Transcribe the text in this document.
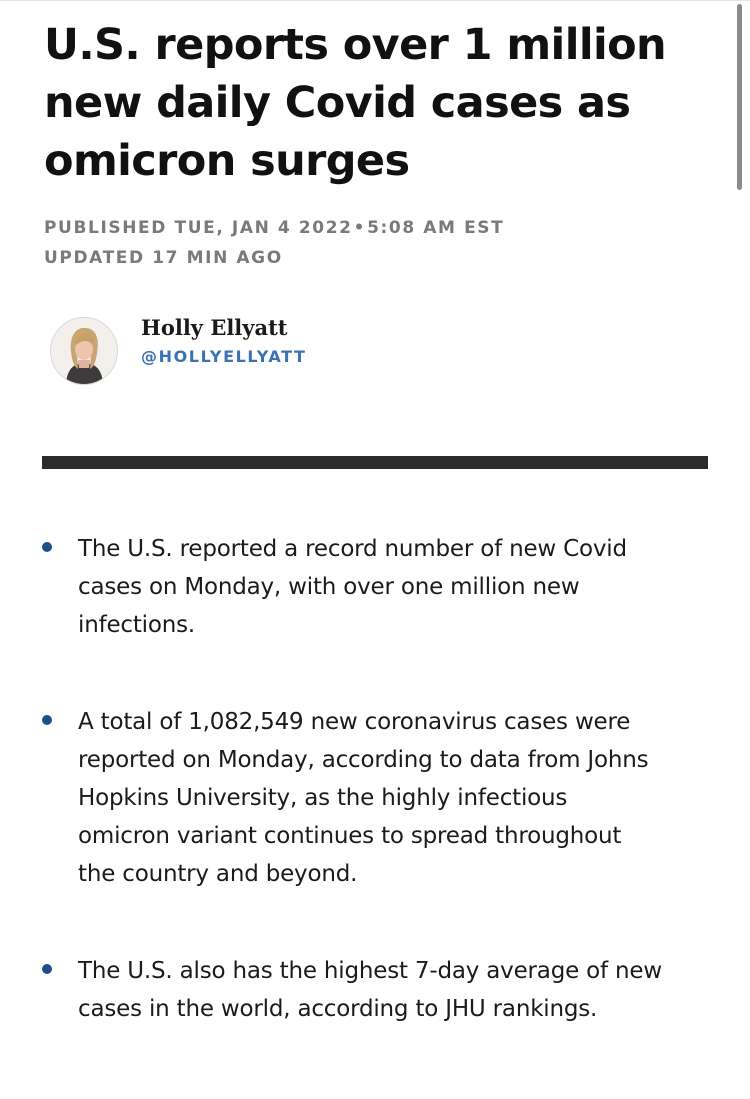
U.S. reports over 1 million new daily Covid cases as omicron surges
PUBLISHED TUE, JAN 4 2022•5:08 AM EST
UPDATED 17 MIN AGO
Holly Ellyatt
@HOLLYELLYATT
The U.S. reported a record number of new Covid cases on Monday, with over one million new infections.
A total of 1,082,549 new coronavirus cases were reported on Monday, according to data from Johns Hopkins University, as the highly infectious omicron variant continues to spread throughout the country and beyond.
The U.S. also has the highest 7-day average of new cases in the world, according to JHU rankings.
